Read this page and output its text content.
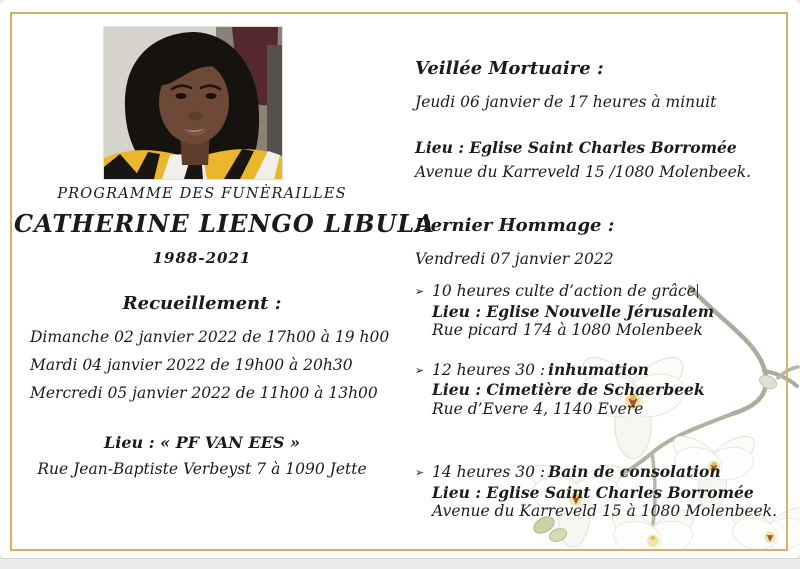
PROGRAMME DES FUNÈRAILLES
CATHERINE LIENGO LIBULA
1988-2021
Recueillement :

Dimanche 02 janvier 2022 de 17h00 à 19 h00

Mardi 04 janvier 2022 de 19h00 à 20h30

Mercredi 05 janvier 2022 de 11h00 à 13h00

Lieu : « PF VAN EES »
Rue Jean-Baptiste Verbeyst 7 à 1090 Jette

Veillée Mortuaire :

Jeudi 06 janvier de 17 heures à minuit

Lieu : Eglise Saint Charles Borromée

Avenue du Karreveld 15 /1080 Molenbeek.

Dernier Hommage :

Vendredi 07 janvier 2022

➢ 10 heures culte d’action de grâce
Lieu : Eglise Nouvelle Jérusalem
Rue picard 174 à 1080 Molenbeek
➢ 12 heures 30 : inhumation
Lieu : Cimetière de Schaerbeek
Rue d’Evere 4, 1140 Evere
➢ 14 heures 30 : Bain de consolation
Lieu : Eglise Saint Charles Borromée
Avenue du Karreveld 15 à 1080 Molenbeek.
